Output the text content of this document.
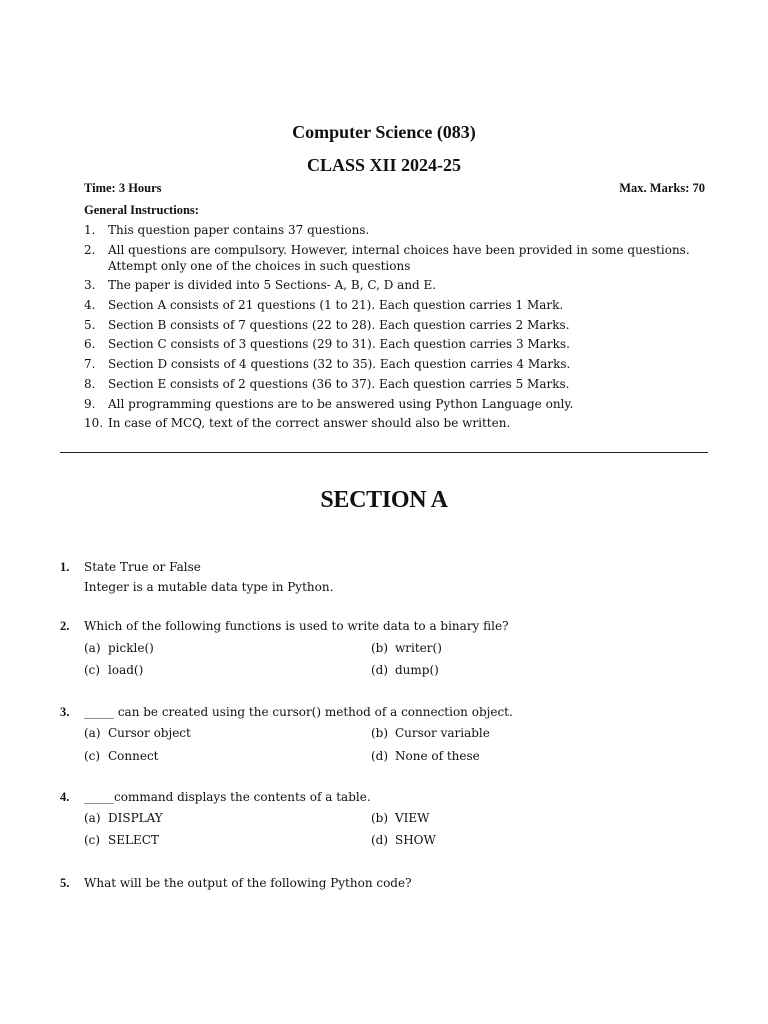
Computer Science (083)
CLASS XII 2024-25
Time: 3 Hours	Max. Marks: 70
General Instructions:
1.	This question paper contains 37 questions.
2.	All questions are compulsory. However, internal choices have been provided in some questions. Attempt only one of the choices in such questions
3.	The paper is divided into 5 Sections- A, B, C, D and E.
4.	Section A consists of 21 questions (1 to 21). Each question carries 1 Mark.
5.	Section B consists of 7 questions (22 to 28). Each question carries 2 Marks.
6.	Section C consists of 3 questions (29 to 31). Each question carries 3 Marks.
7.	Section D consists of 4 questions (32 to 35). Each question carries 4 Marks.
8.	Section E consists of 2 questions (36 to 37). Each question carries 5 Marks.
9.	All programming questions are to be answered using Python Language only.
10. In case of MCQ, text of the correct answer should also be written.
SECTION A
1. State True or False
Integer is a mutable data type in Python.
2. Which of the following functions is used to write data to a binary file?
(a) pickle()	(b) writer()
(c) load()	(d) dump()
3. _____ can be created using the cursor() method of a connection object.
(a) Cursor object	(b) Cursor variable
(c) Connect	(d) None of these
4. _____command displays the contents of a table.
(a) DISPLAY	(b) VIEW
(c) SELECT	(d) SHOW
5. What will be the output of the following Python code?
